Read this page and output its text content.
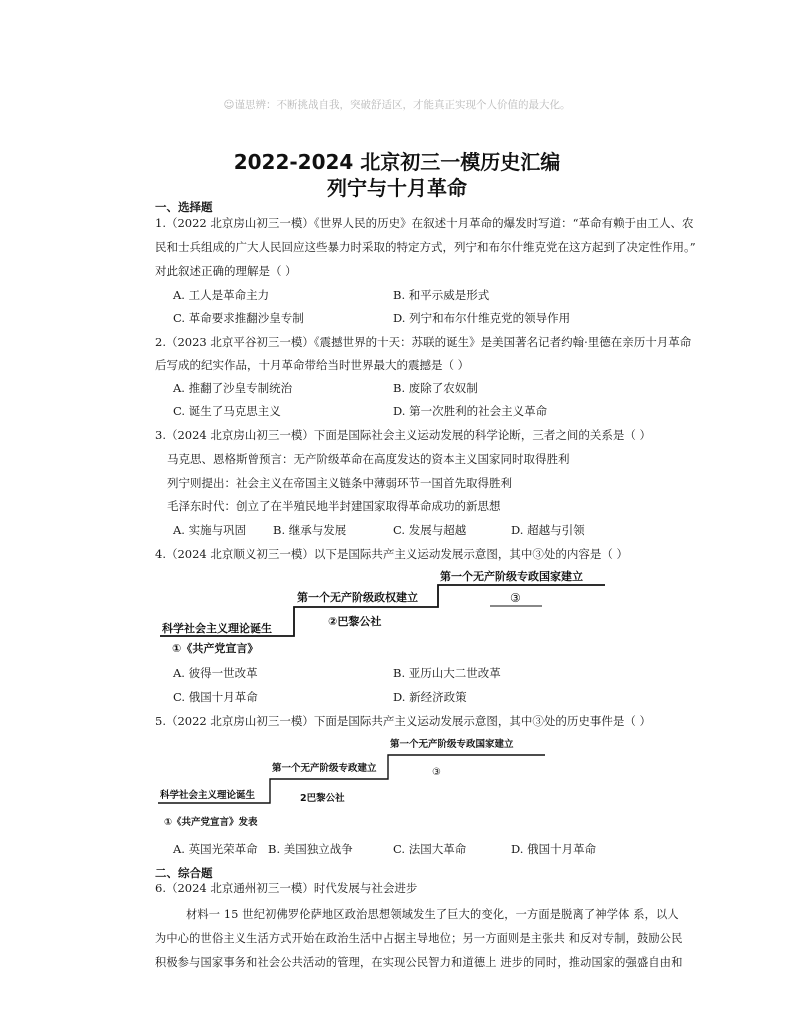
☺谨思辨：不断挑战自我，突破舒适区，才能真正实现个人价值的最大化。
2022-2024 北京初三一模历史汇编
列宁与十月革命
一、选择题
1.（2022 北京房山初三一模）《世界人民的历史》在叙述十月革命的爆发时写道：“革命有赖于由工人、农
民和士兵组成的广大人民回应这些暴力时采取的特定方式，列宁和布尔什维克党在这方起到了决定性作用。”
对此叙述正确的理解是（ ）
A. 工人是革命主力	B. 和平示威是形式
C. 革命要求推翻沙皇专制	D. 列宁和布尔什维克党的领导作用
2.（2023 北京平谷初三一模）《震撼世界的十天：苏联的诞生》是美国著名记者约翰·里德在亲历十月革命
后写成的纪实作品，十月革命带给当时世界最大的震撼是（ ）
A. 推翻了沙皇专制统治	B. 废除了农奴制
C. 诞生了马克思主义	D. 第一次胜利的社会主义革命
3.（2024 北京房山初三一模）下面是国际社会主义运动发展的科学论断，三者之间的关系是（ ）
马克思、恩格斯曾预言：无产阶级革命在高度发达的资本主义国家同时取得胜利
列宁则提出：社会主义在帝国主义链条中薄弱环节一国首先取得胜利
毛泽东时代：创立了在半殖民地半封建国家取得革命成功的新思想
A. 实施与巩固 B. 继承与发展	C. 发展与超越	D. 超越与引领
4.（2024 北京顺义初三一模）以下是国际共产主义运动发展示意图，其中③处的内容是（ ）
科学社会主义理论诞生
①《共产党宣言》
第一个无产阶级政权建立
②巴黎公社
第一个无产阶级专政国家建立
③
A. 彼得一世改革	B. 亚历山大二世改革
C. 俄国十月革命	D. 新经济政策
5.（2022 北京房山初三一模）下面是国际共产主义运动发展示意图，其中③处的历史事件是（ ）
科学社会主义理论诞生
①《共产党宣言》发表
第一个无产阶级专政建立
2巴黎公社
第一个无产阶级专政国家建立
③
A. 英国光荣革命 B. 美国独立战争	C. 法国大革命	D. 俄国十月革命
二、综合题
6.（2024 北京通州初三一模）时代发展与社会进步
材料一 15 世纪初佛罗伦萨地区政治思想领域发生了巨大的变化，一方面是脱离了神学体 系，以人
为中心的世俗主义生活方式开始在政治生活中占据主导地位；另一方面则是主张共 和反对专制，鼓励公民
积极参与国家事务和社会公共活动的管理，在实现公民智力和道德上 进步的同时，推动国家的强盛自由和
